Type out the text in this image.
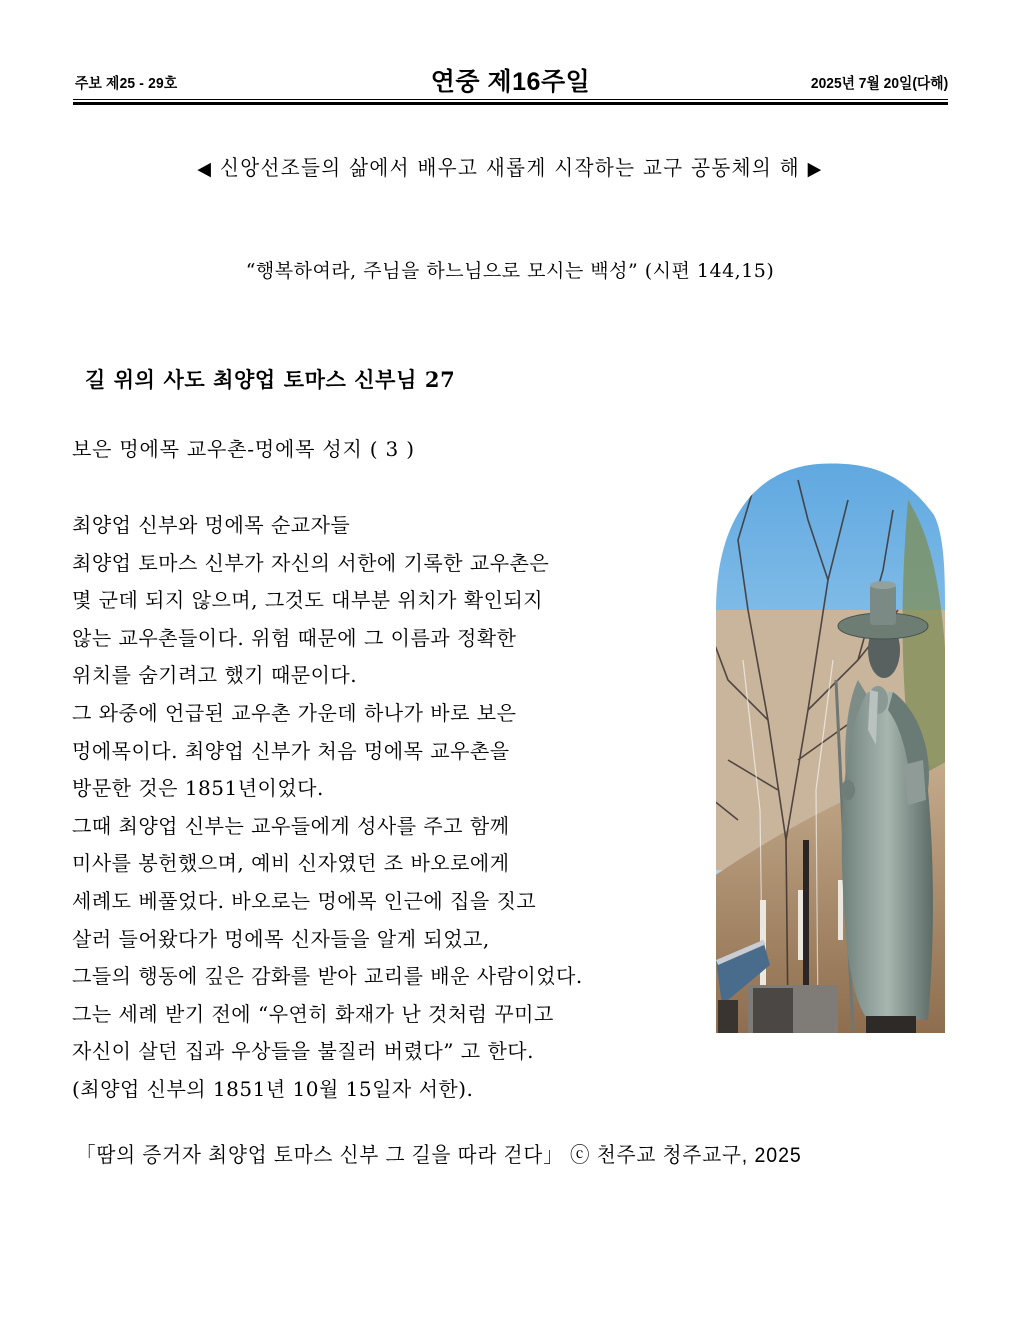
주보 제25 - 29호	연중 제16주일	2025년 7월 20일(다해)
◀ 신앙선조들의 삶에서 배우고 새롭게 시작하는 교구 공동체의 해 ▶
“행복하여라, 주님을 하느님으로 모시는 백성” (시편 144,15)
길 위의 사도 최양업 토마스 신부님 27
보은 멍에목 교우촌-멍에목 성지 ( 3 )
최양업 신부와 멍에목 순교자들
최양업 토마스 신부가 자신의 서한에 기록한 교우촌은
몇 군데 되지 않으며, 그것도 대부분 위치가 확인되지
않는 교우촌들이다. 위험 때문에 그 이름과 정확한
위치를 숨기려고 했기 때문이다.
그 와중에 언급된 교우촌 가운데 하나가 바로 보은
멍에목이다. 최양업 신부가 처음 멍에목 교우촌을
방문한 것은 1851년이었다.
그때 최양업 신부는 교우들에게 성사를 주고 함께
미사를 봉헌했으며, 예비 신자였던 조 바오로에게
세례도 베풀었다. 바오로는 멍에목 인근에 집을 짓고
살러 들어왔다가 멍에목 신자들을 알게 되었고,
그들의 행동에 깊은 감화를 받아 교리를 배운 사람이었다.
그는 세례 받기 전에 “우연히 화재가 난 것처럼 꾸미고
자신이 살던 집과 우상들을 불질러 버렸다” 고 한다.
(최양업 신부의 1851년 10월 15일자 서한).
「땀의 증거자 최양업 토마스 신부 그 길을 따라 걷다」 ⓒ 천주교 청주교구, 2025
